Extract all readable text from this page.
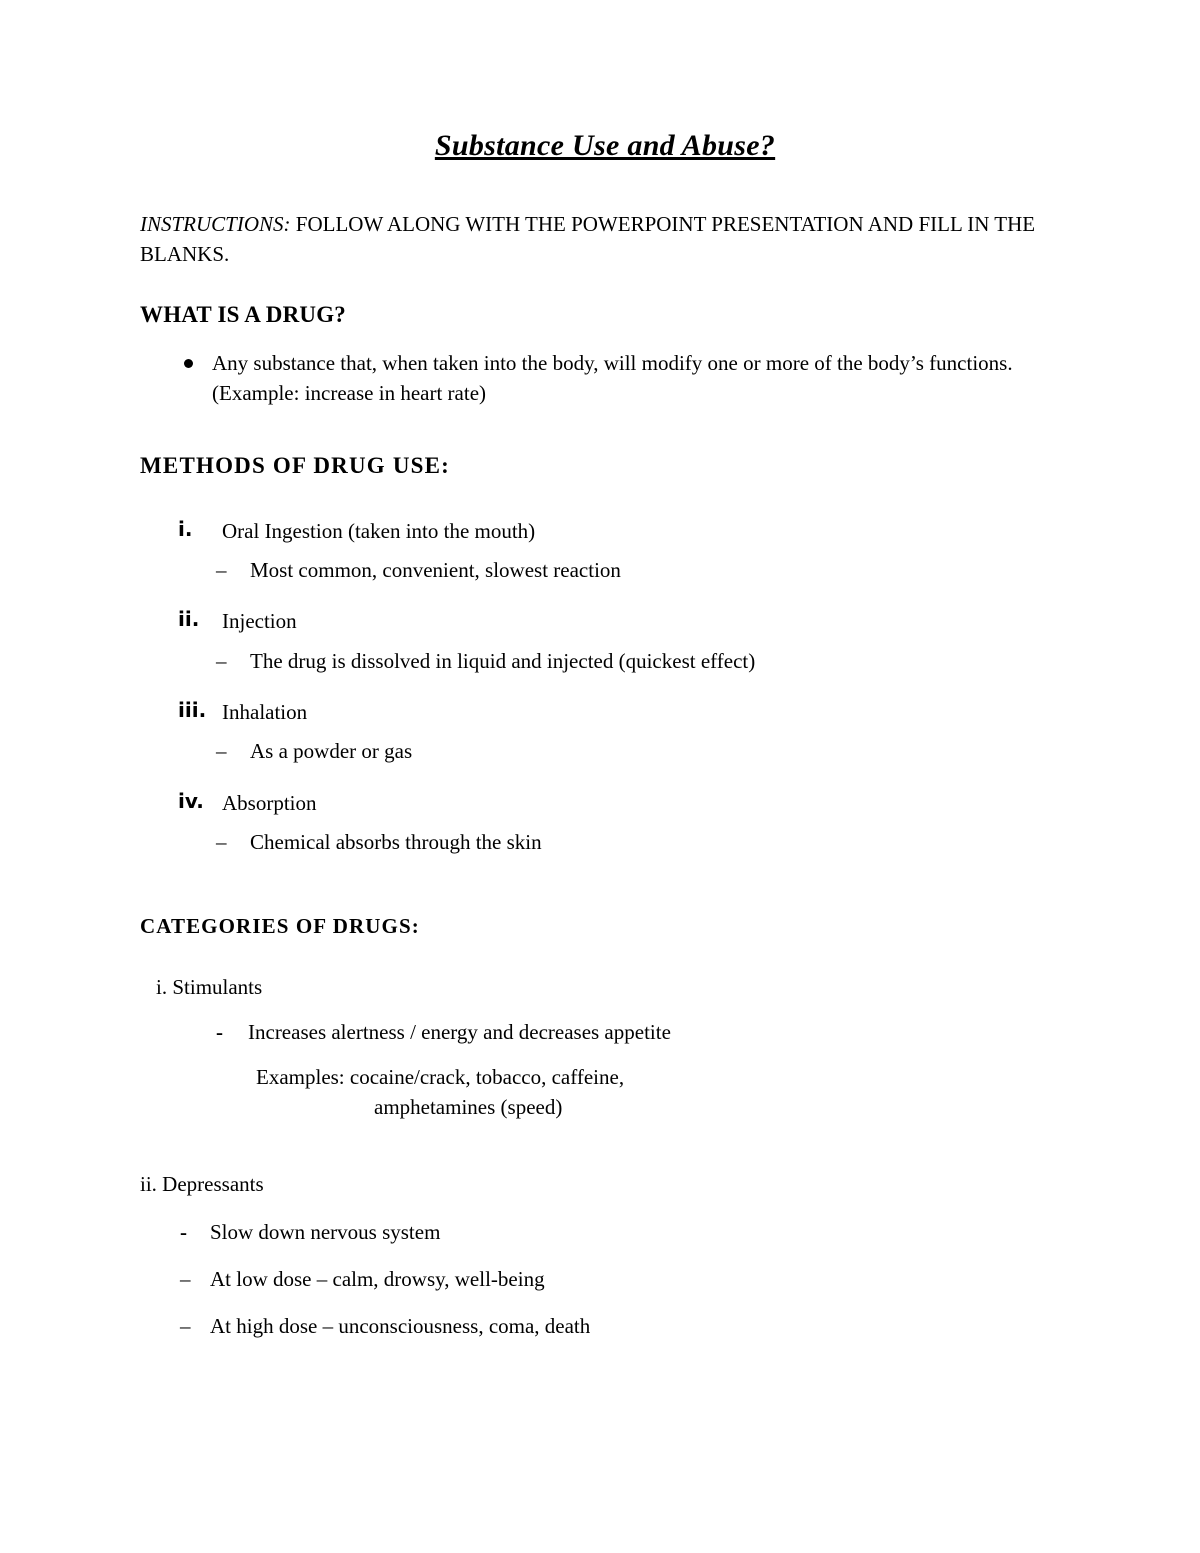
Substance Use and Abuse?

INSTRUCTIONS: FOLLOW ALONG WITH THE POWERPOINT PRESENTATION AND FILL IN THE BLANKS.

WHAT IS A DRUG?
Any substance that, when taken into the body, will modify one or more of the body’s functions. (Example: increase in heart rate)
METHODS OF DRUG USE:
i. Oral Ingestion (taken into the mouth)
– Most common, convenient, slowest reaction
ii. Injection
– The drug is dissolved in liquid and injected (quickest effect)
iii. Inhalation
– As a powder or gas
iv. Absorption
– Chemical absorbs through the skin
CATEGORIES OF DRUGS:
i. Stimulants
- Increases alertness / energy and decreases appetite
Examples: cocaine/crack, tobacco, caffeine,
amphetamines (speed)
ii. Depressants
- Slow down nervous system
– At low dose – calm, drowsy, well-being
– At high dose – unconsciousness, coma, death
